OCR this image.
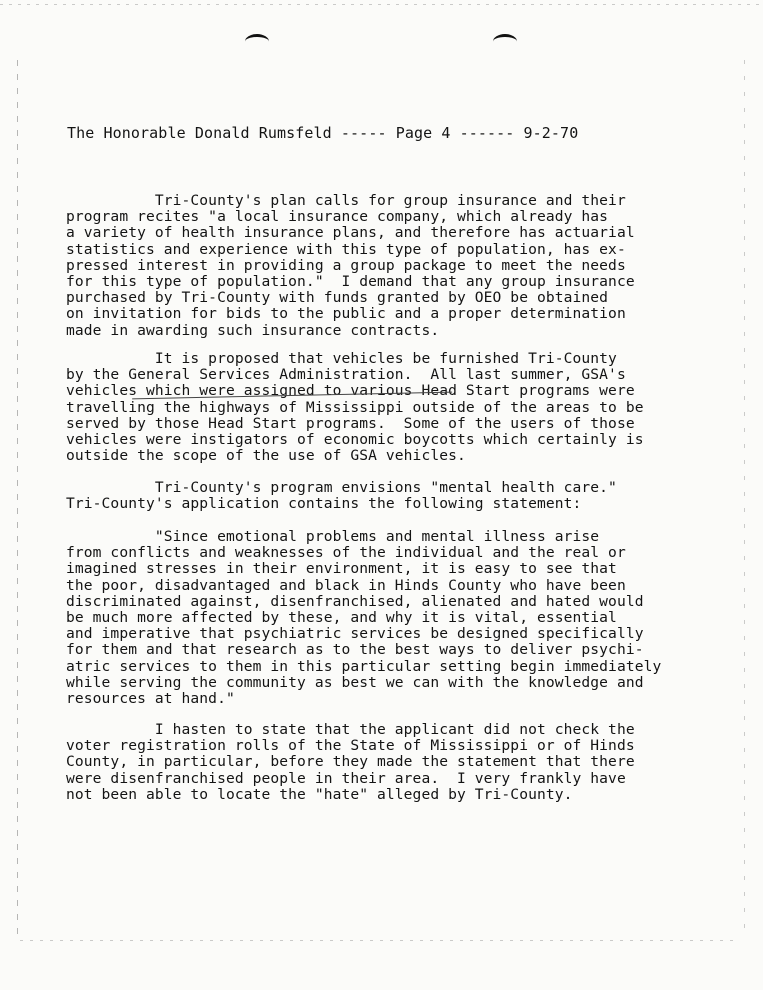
The Honorable Donald Rumsfeld ----- Page 4 ------ 9-2-70
Tri-County's plan calls for group insurance and their
program recites "a local insurance company, which already has
a variety of health insurance plans, and therefore has actuarial
statistics and experience with this type of population, has ex-
pressed interest in providing a group package to meet the needs
for this type of population."  I demand that any group insurance
purchased by Tri-County with funds granted by OEO be obtained
on invitation for bids to the public and a proper determination
made in awarding such insurance contracts.
It is proposed that vehicles be furnished Tri-County
by the General Services Administration.  All last summer, GSA's
vehicles which were assigned to various Head Start programs were
travelling the highways of Mississippi outside of the areas to be
served by those Head Start programs.  Some of the users of those
vehicles were instigators of economic boycotts which certainly is
outside the scope of the use of GSA vehicles.
Tri-County's program envisions "mental health care."
Tri-County's application contains the following statement:
"Since emotional problems and mental illness arise
from conflicts and weaknesses of the individual and the real or
imagined stresses in their environment, it is easy to see that
the poor, disadvantaged and black in Hinds County who have been
discriminated against, disenfranchised, alienated and hated would
be much more affected by these, and why it is vital, essential
and imperative that psychiatric services be designed specifically
for them and that research as to the best ways to deliver psychi-
atric services to them in this particular setting begin immediately
while serving the community as best we can with the knowledge and
resources at hand."
I hasten to state that the applicant did not check the
voter registration rolls of the State of Mississippi or of Hinds
County, in particular, before they made the statement that there
were disenfranchised people in their area.  I very frankly have
not been able to locate the "hate" alleged by Tri-County.
